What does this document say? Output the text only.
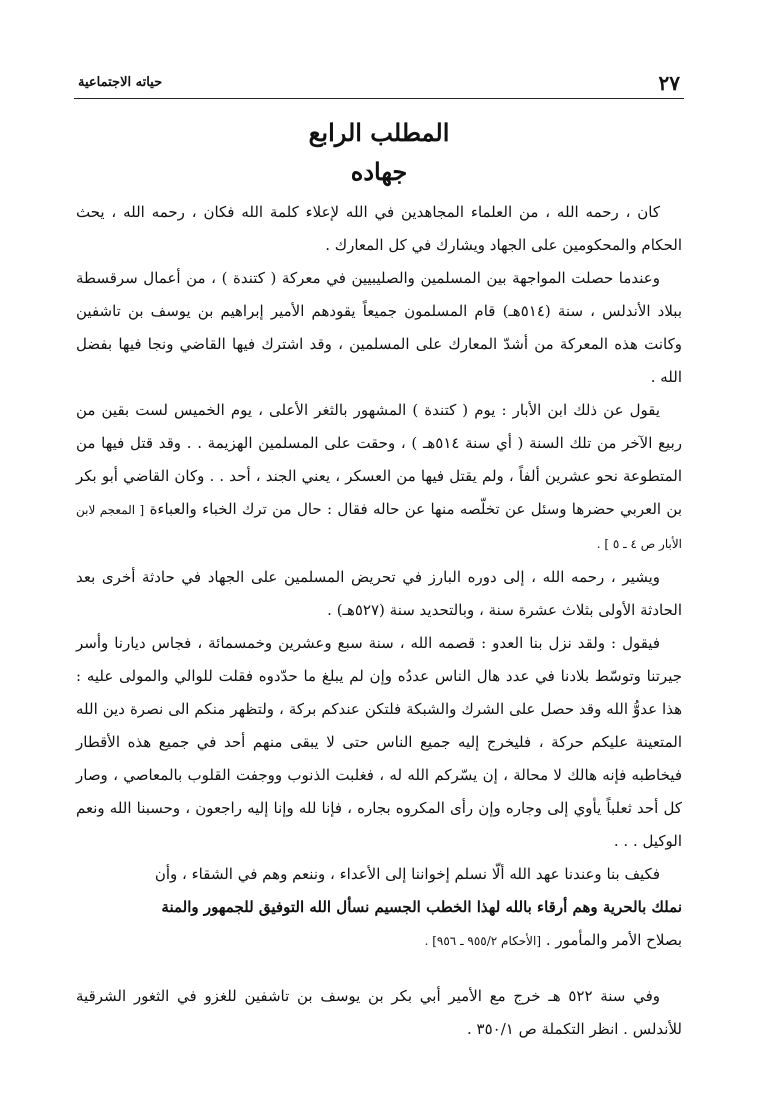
٢٧
حياته الاجتماعية

المطلب الرابع

جهاده

كان ، رحمه الله ، من العلماء المجاهدين في الله لإعلاء كلمة الله فكان ، رحمه الله ، يحث الحكام والمحكومين على الجهاد ويشارك في كل المعارك .

وعندما حصلت المواجهة بين المسلمين والصليبيين في معركة ( كتندة ) ، من أعمال سرقسطة ببلاد الأندلس ، سنة (٥١٤هـ) قام المسلمون جميعاً يقودهم الأمير إبراهيم بن يوسف بن تاشفين وكانت هذه المعركة من أشدّ المعارك على المسلمين ، وقد اشترك فيها القاضي ونجا فيها بفضل الله .

يقول عن ذلك ابن الأبار : يوم ( كتندة ) المشهور بالثغر الأعلى ، يوم الخميس لست بقين من ربيع الآخر من تلك السنة ( أي سنة ٥١٤هـ ) ، وحقت على المسلمين الهزيمة . . وقد قتل فيها من المتطوعة نحو عشرين ألفاً ، ولم يقتل فيها من العسكر ، يعني الجند ، أحد . . وكان القاضي أبو بكر بن العربي حضرها وسئل عن تخلّصه منها عن حاله فقال : حال من ترك الخباء والعباءة [ المعجم لابن الأبار ص ٤ ـ ٥ ] .

ويشير ، رحمه الله ، إلى دوره البارز في تحريض المسلمين على الجهاد في حادثة أخرى بعد الحادثة الأولى بثلاث عشرة سنة ، وبالتحديد سنة (٥٢٧هـ) .

فيقول : ولقد نزل بنا العدو : قصمه الله ، سنة سبع وعشرين وخمسمائة ، فجاس ديارنا وأسر جيرتنا وتوسّط بلادنا في عدد هال الناس عددُه وإن لم يبلغ ما حدّدوه فقلت للوالي والمولى عليه : هذا عدوُّ الله وقد حصل على الشرك والشبكة فلتكن عندكم بركة ، ولتظهر منكم الى نصرة دين الله المتعينة عليكم حركة ، فليخرج إليه جميع الناس حتى لا يبقى منهم أحد في جميع هذه الأقطار فيخاطبه فإنه هالك لا محالة ، إن يسّركم الله له ، فغلبت الذنوب ووجفت القلوب بالمعاصي ، وصار كل أحد ثعلباً يأوي إلى وجاره وإن رأى المكروه بجاره ، فإنا لله وإنا إليه راجعون ، وحسبنا الله ونعم الوكيل . . .

فكيف بنا وعندنا عهد الله ألّا نسلم إخواننا إلى الأعداء ، وننعم وهم في الشقاء ، وأن

نملك بالحرية وهم أرقاء بالله لهذا الخطب الجسيم نسأل الله التوفيق للجمهور والمنة

بصلاح الأمر والمأمور . [الأحكام ٩٥٥/٢ ـ ٩٥٦] .

وفي سنة ٥٢٢ هـ خرج مع الأمير أبي بكر بن يوسف بن تاشفين للغزو في الثغور الشرقية للأندلس . انظر التكملة ص ٣٥٠/١ .
